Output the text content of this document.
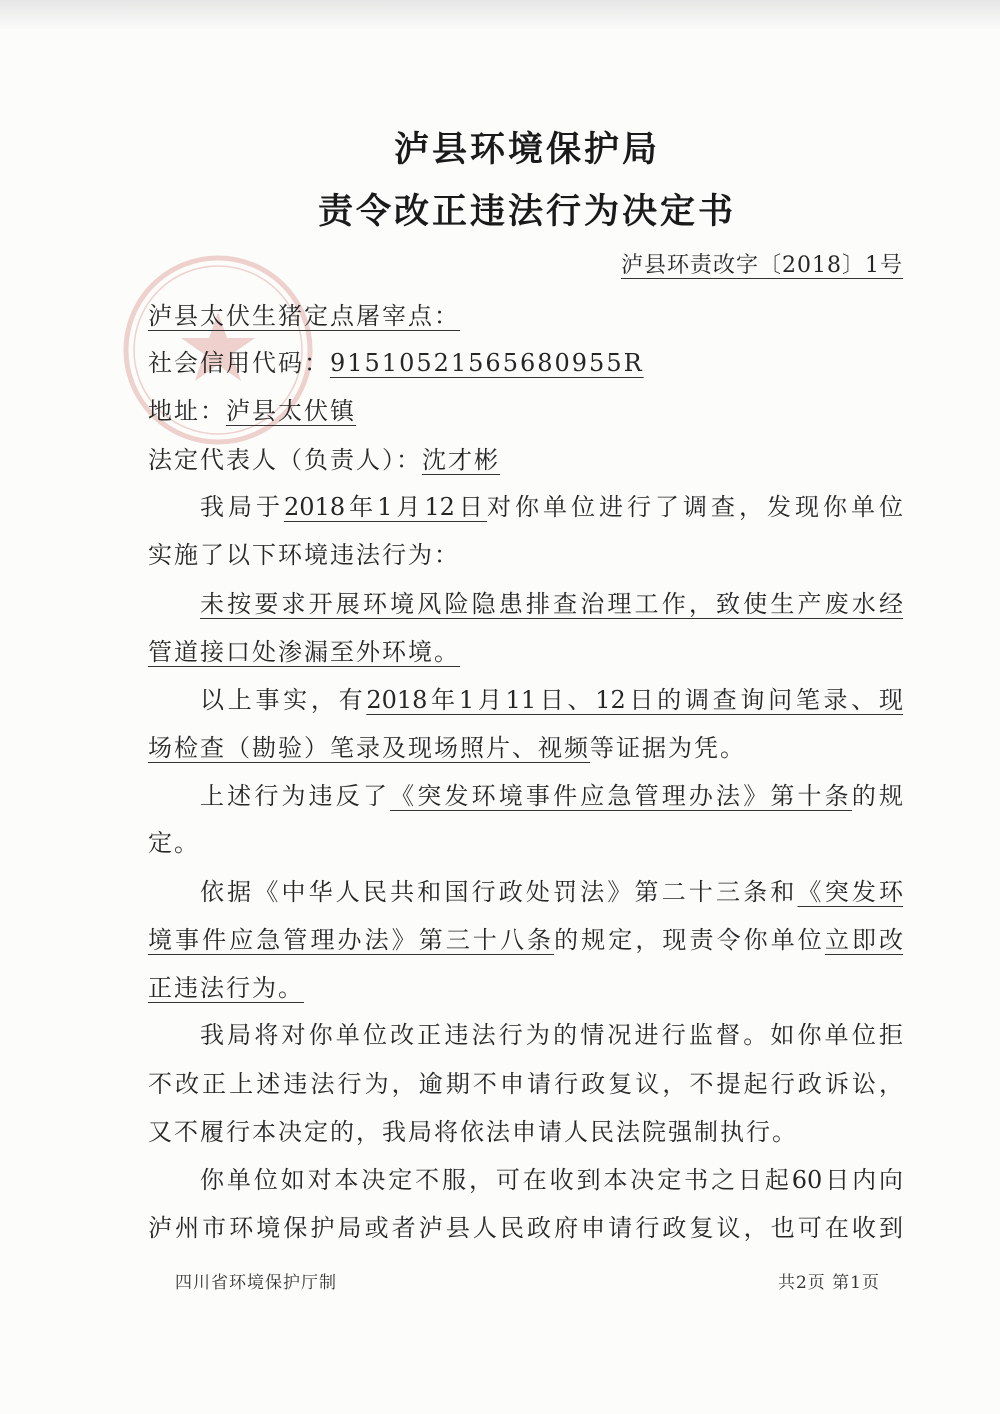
泸县环境保护局
责令改正违法行为决定书
泸县环责改字〔2018〕1号
泸县太伏生猪定点屠宰点：
社会信用代码：91510521565680955R
地址：泸县太伏镇
法定代表人（负责人）：沈才彬
我局于2018年1月12日对你单位进行了调查，发现你单位
实施了以下环境违法行为：
未按要求开展环境风险隐患排查治理工作，致使生产废水经
管道接口处渗漏至外环境。
以上事实，有2018年1月11日、12日的调查询问笔录、现
场检查（勘验）笔录及现场照片、视频等证据为凭。
上述行为违反了《突发环境事件应急管理办法》第十条的规
定。
依据《中华人民共和国行政处罚法》第二十三条和《突发环
境事件应急管理办法》第三十八条的规定，现责令你单位立即改
正违法行为。
我局将对你单位改正违法行为的情况进行监督。如你单位拒
不改正上述违法行为，逾期不申请行政复议，不提起行政诉讼，
又不履行本决定的，我局将依法申请人民法院强制执行。
你单位如对本决定不服，可在收到本决定书之日起60日内向
泸州市环境保护局或者泸县人民政府申请行政复议，也可在收到
四川省环境保护厅制	共2页 第1页
